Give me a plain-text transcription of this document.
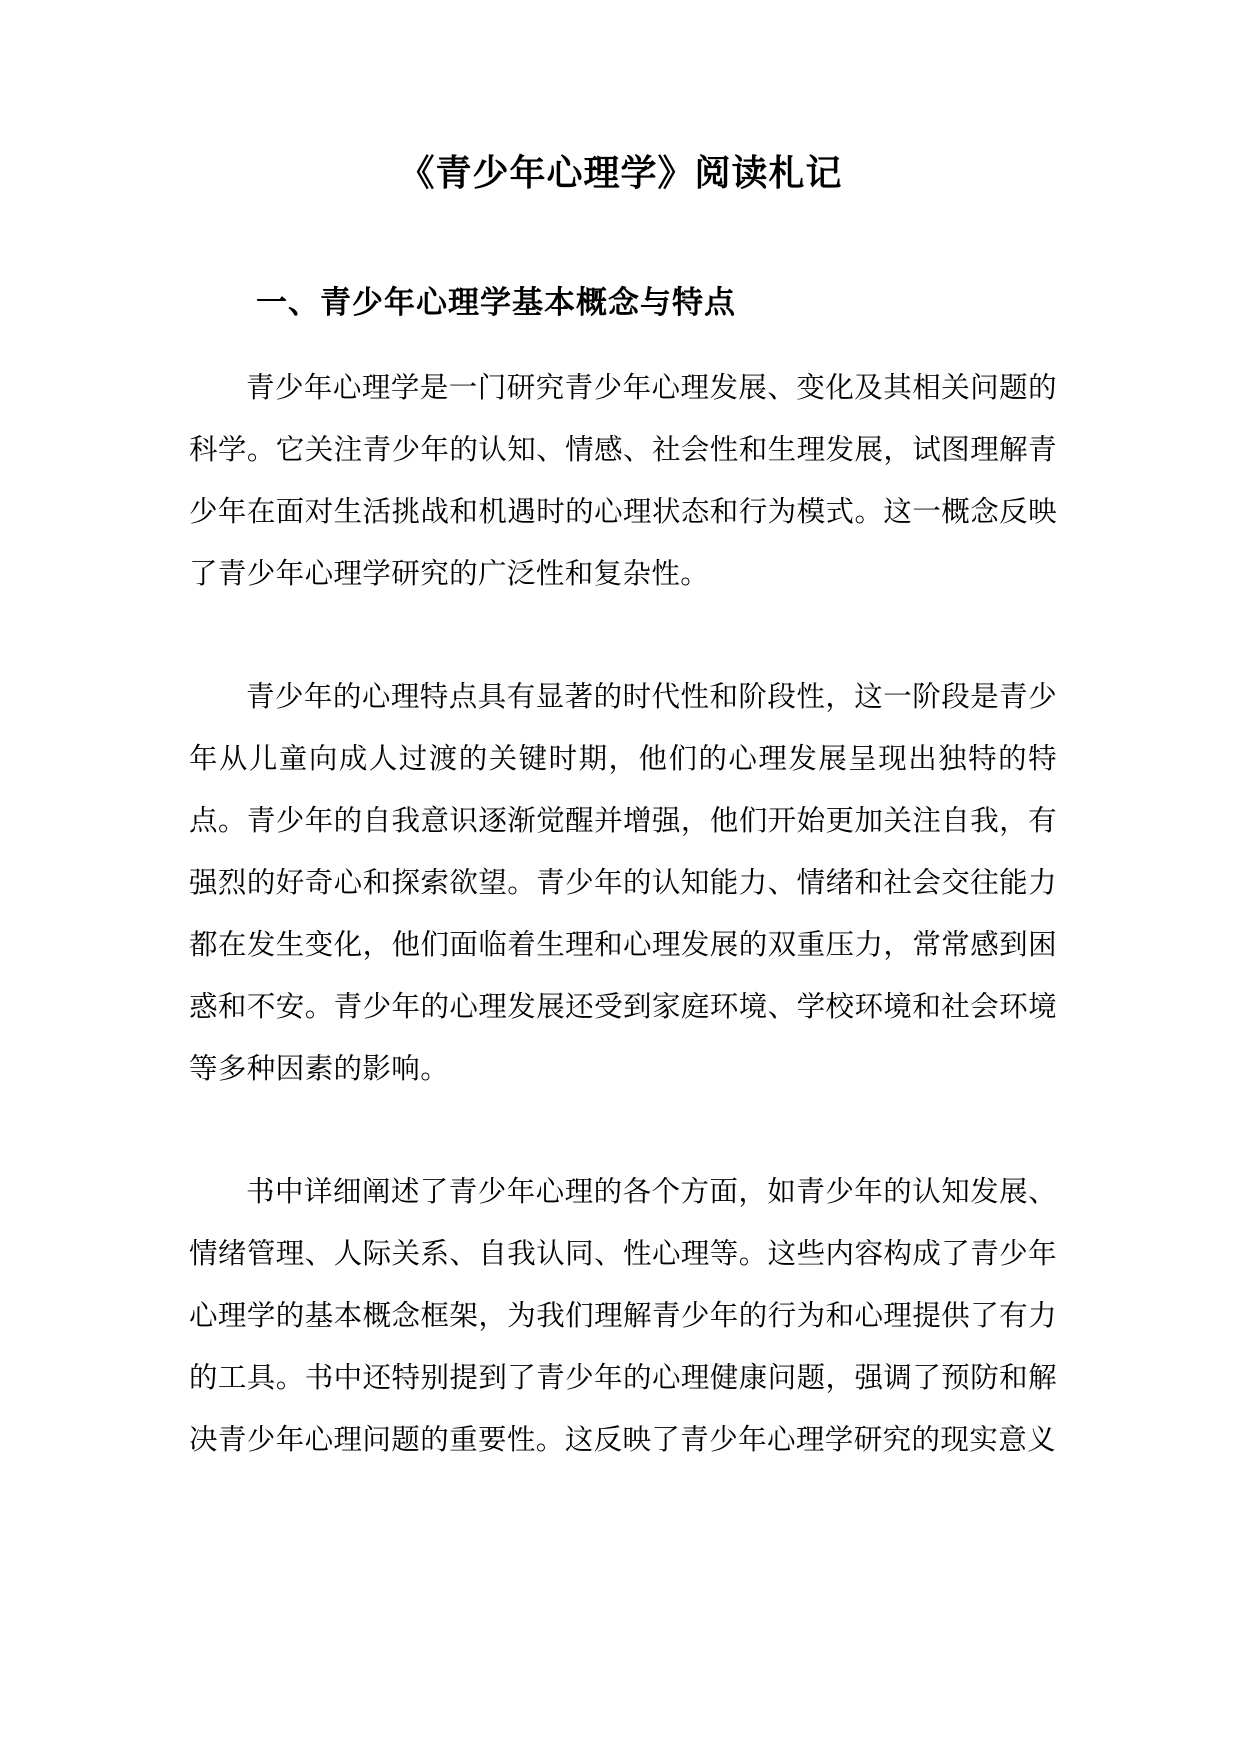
《青少年心理学》阅读札记
一、青少年心理学基本概念与特点

青少年心理学是一门研究青少年心理发展、变化及其相关问题的科学。它关注青少年的认知、情感、社会性和生理发展，试图理解青少年在面对生活挑战和机遇时的心理状态和行为模式。这一概念反映了青少年心理学研究的广泛性和复杂性。

青少年的心理特点具有显著的时代性和阶段性，这一阶段是青少年从儿童向成人过渡的关键时期，他们的心理发展呈现出独特的特点。青少年的自我意识逐渐觉醒并增强，他们开始更加关注自我，有强烈的好奇心和探索欲望。青少年的认知能力、情绪和社会交往能力都在发生变化，他们面临着生理和心理发展的双重压力，常常感到困惑和不安。青少年的心理发展还受到家庭环境、学校环境和社会环境等多种因素的影响。

书中详细阐述了青少年心理的各个方面，如青少年的认知发展、情绪管理、人际关系、自我认同、性心理等。这些内容构成了青少年心理学的基本概念框架，为我们理解青少年的行为和心理提供了有力的工具。书中还特别提到了青少年的心理健康问题，强调了预防和解决青少年心理问题的重要性。这反映了青少年心理学研究的现实意义
